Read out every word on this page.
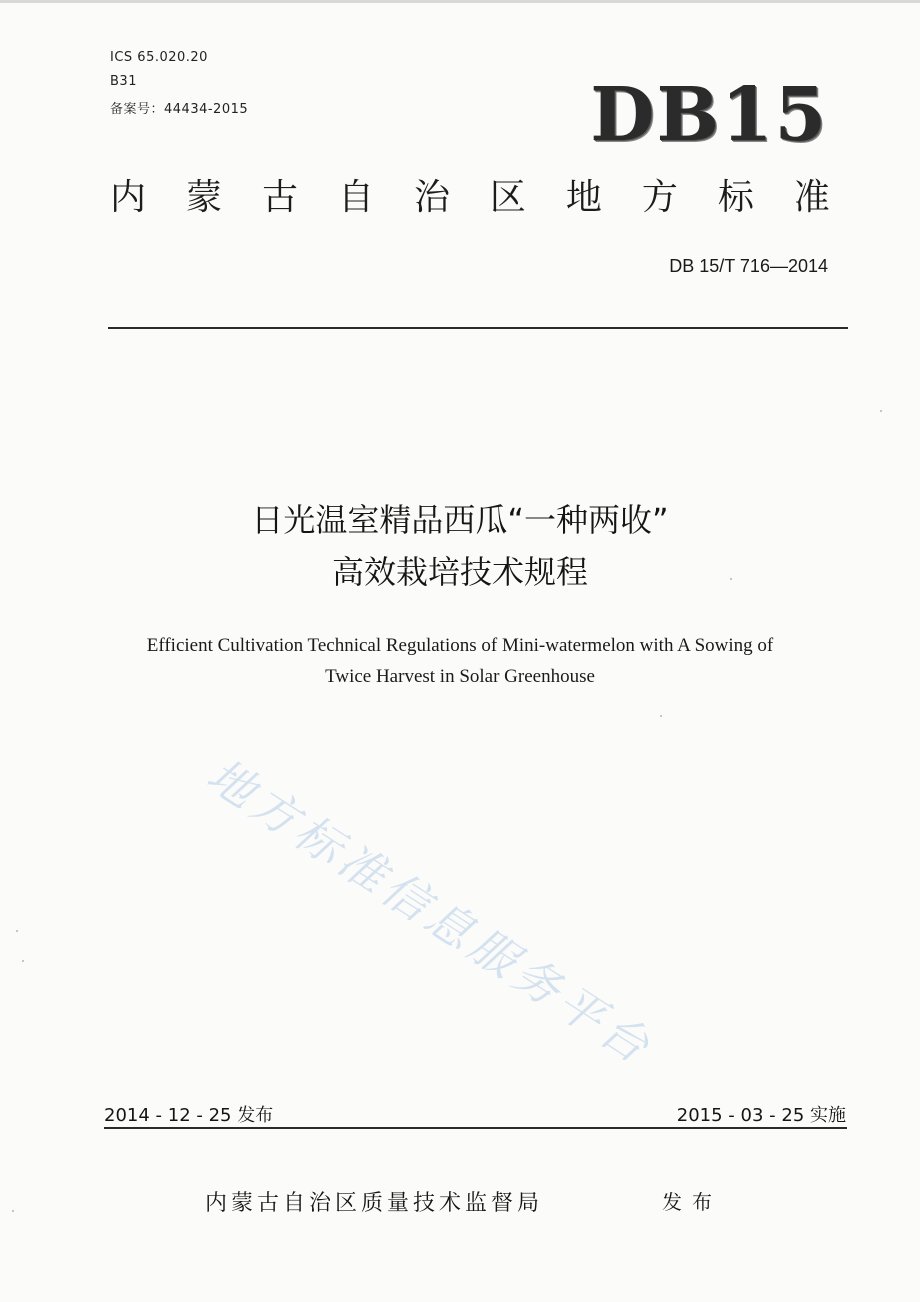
ICS 65.020.20
B31
备案号：44434-2015	DB15
内 蒙 古 自 治 区 地 方 标 准
DB 15/T 716—2014
日光温室精品西瓜“一种两收”
高效栽培技术规程
Efficient Cultivation Technical Regulations of Mini-watermelon with A Sowing of
Twice Harvest in Solar Greenhouse
地方标准信息服务平台
2014 - 12 - 25 发布	2015 - 03 - 25 实施
内蒙古自治区质量技术监督局	发布
